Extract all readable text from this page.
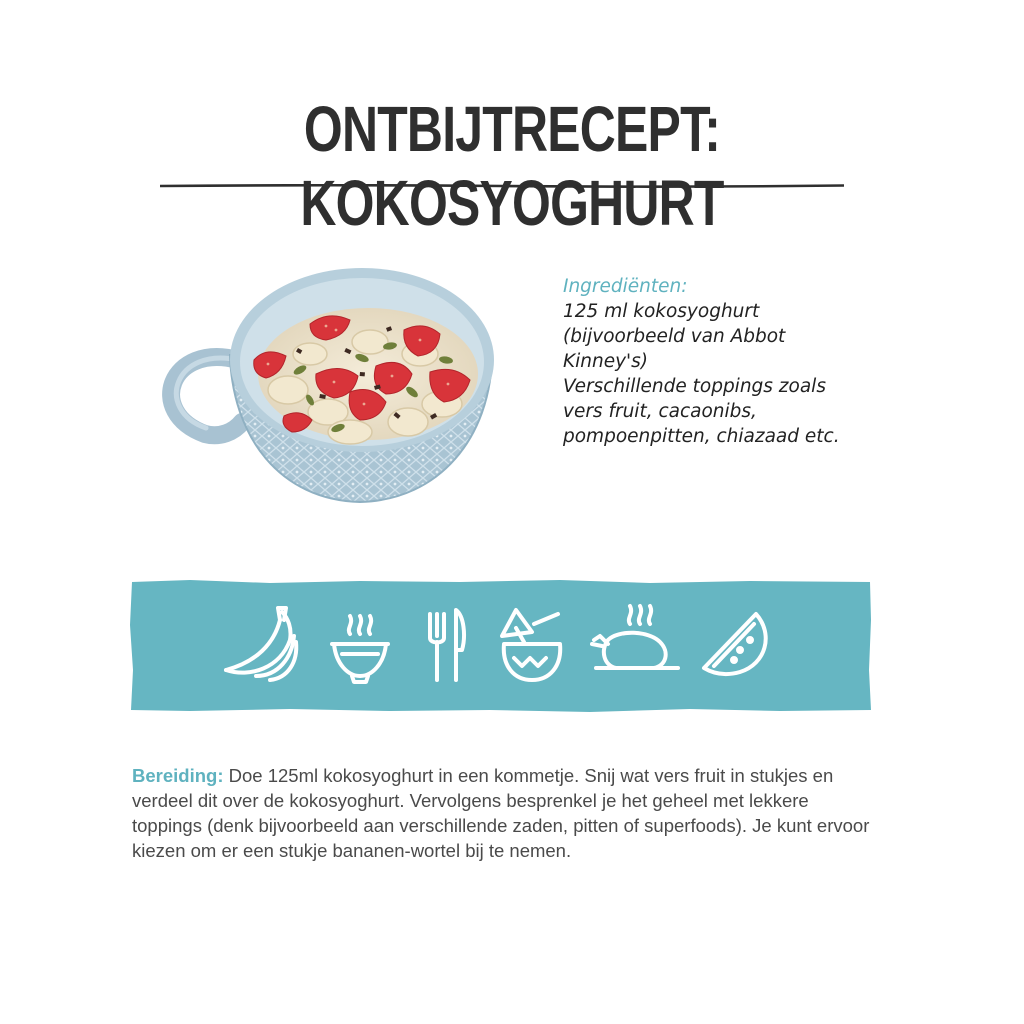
ONTBIJTRECEPT: KOKOSYOGHURT
Ingrediënten:
125 ml kokosyoghurt
(bijvoorbeeld van Abbot
Kinney's)
Verschillende toppings zoals
vers fruit, cacaonibs,
pompoenpitten, chiazaad etc.

Bereiding: Doe 125ml kokosyoghurt in een kommetje. Snij wat vers fruit in stukjes en verdeel dit over de kokosyoghurt. Vervolgens besprenkel je het geheel met lekkere toppings (denk bijvoorbeeld aan verschillende zaden, pitten of superfoods). Je kunt ervoor kiezen om er een stukje bananen-wortel bij te nemen.
